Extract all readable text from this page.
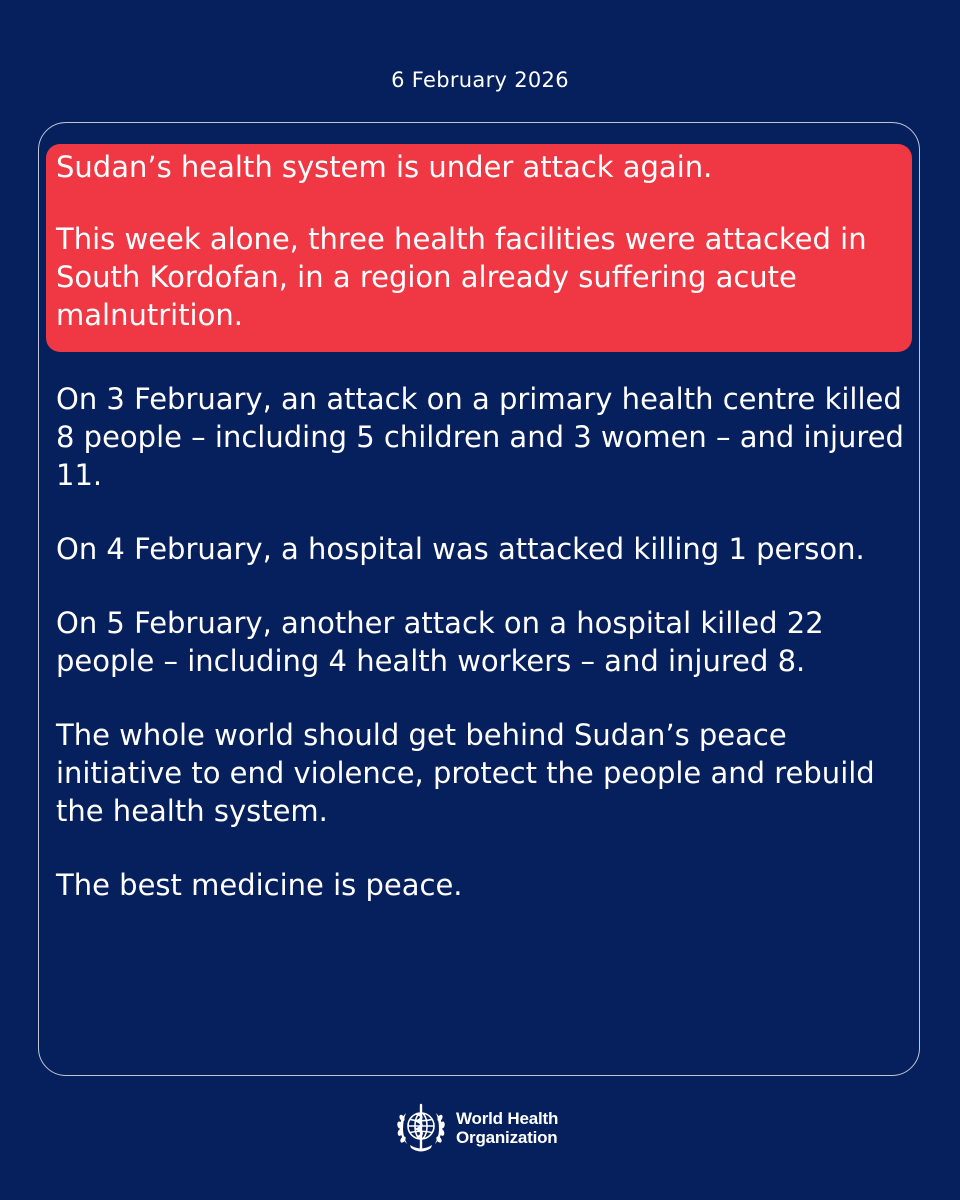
6 February 2026

Sudan’s health system is under attack again.

This week alone, three health facilities were attacked in South Kordofan, in a region already suffering acute malnutrition.

On 3 February, an attack on a primary health centre killed 8 people – including 5 children and 3 women – and injured 11.

On 4 February, a hospital was attacked killing 1 person.

On 5 February, another attack on a hospital killed 22 people – including 4 health workers – and injured 8.

The whole world should get behind Sudan’s peace initiative to end violence, protect the people and rebuild the health system.

The best medicine is peace.

World Health
Organization
